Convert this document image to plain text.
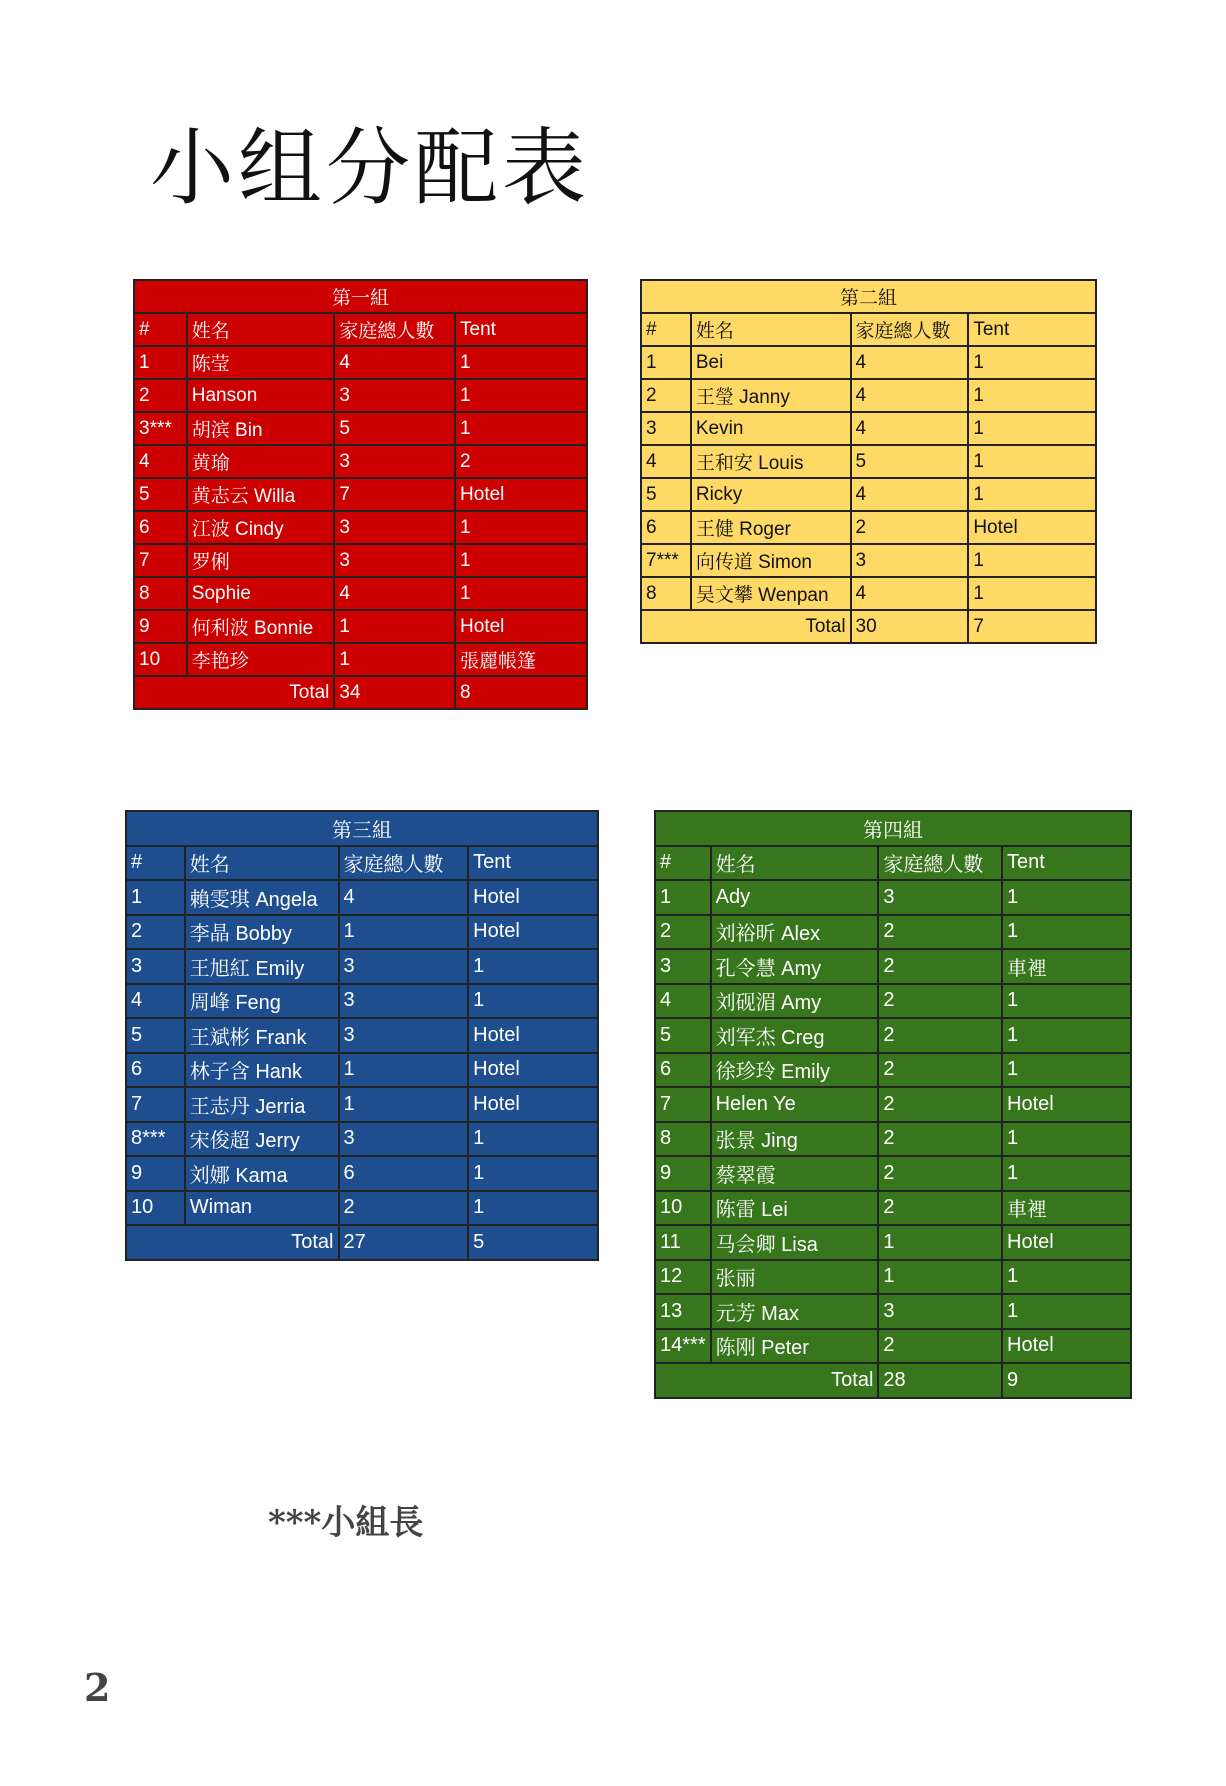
小组分配表
第一組			
#	姓名	家庭總人數	Tent
1	陈莹	4	1
2	Hanson	3	1
3***	胡滨 Bin	5	1
4	黄瑜	3	2
5	黄志云 Willa	7	Hotel
6	江波 Cindy	3	1
7	罗俐	3	1
8	Sophie	4	1
9	何利波 Bonnie	1	Hotel
10	李艳珍	1	張麗帳篷
Total		34	8
第二組			
#	姓名	家庭總人數	Tent
1	Bei	4	1
2	王瑩 Janny	4	1
3	Kevin	4	1
4	王和安 Louis	5	1
5	Ricky	4	1
6	王健 Roger	2	Hotel
7***	向传道 Simon	3	1
8	吴文攀 Wenpan	4	1
Total		30	7
第三組			
#	姓名	家庭總人數	Tent
1	賴雯琪 Angela	4	Hotel
2	李晶 Bobby	1	Hotel
3	王旭紅 Emily	3	1
4	周峰 Feng	3	1
5	王斌彬 Frank	3	Hotel
6	林子含 Hank	1	Hotel
7	王志丹 Jerria	1	Hotel
8***	宋俊超 Jerry	3	1
9	刘娜 Kama	6	1
10	Wiman	2	1
Total		27	5
第四組			
#	姓名	家庭總人數	Tent
1	Ady	3	1
2	刘裕昕 Alex	2	1
3	孔令慧 Amy	2	車裡
4	刘砚湄 Amy	2	1
5	刘军杰 Creg	2	1
6	徐珍玲 Emily	2	1
7	Helen Ye	2	Hotel
8	张景 Jing	2	1
9	蔡翠霞	2	1
10	陈雷 Lei	2	車裡
11	马会卿 Lisa	1	Hotel
12	张丽	1	1
13	元芳 Max	3	1
14***	陈刚 Peter	2	Hotel
Total		28	9
***小組長
2
